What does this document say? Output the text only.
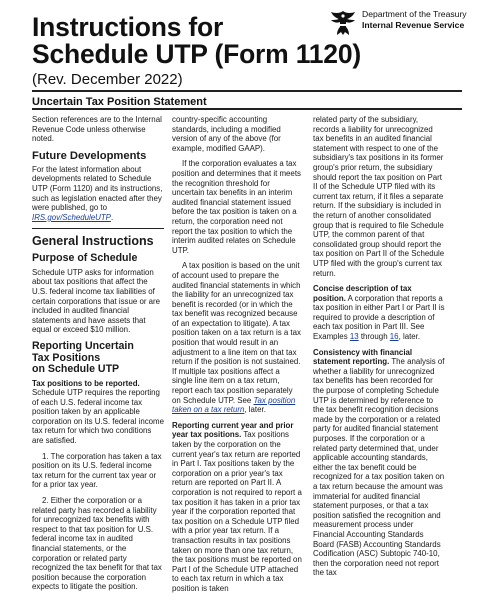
Department of the Treasury
Internal Revenue Service
Instructions for
Schedule UTP (Form 1120)
(Rev. December 2022)
Uncertain Tax Position Statement
Section references are to the Internal Revenue Code unless otherwise noted.
Future Developments
For the latest information about developments related to Schedule UTP (Form 1120) and its instructions, such as legislation enacted after they were published, go to IRS.gov/ScheduleUTP.
General Instructions
Purpose of Schedule
Schedule UTP asks for information about tax positions that affect the U.S. federal income tax liabilities of certain corporations that issue or are included in audited financial statements and have assets that equal or exceed $10 million.
Reporting Uncertain
Tax Positions
on Schedule UTP
Tax positions to be reported. Schedule UTP requires the reporting of each U.S. federal income tax position taken by an applicable corporation on its U.S. federal income tax return for which two conditions are satisfied.
1. The corporation has taken a tax position on its U.S. federal income tax return for the current tax year or for a prior tax year.
2. Either the corporation or a related party has recorded a liability for unrecognized tax benefits with respect to that tax position for U.S. federal income tax in audited financial statements, or the corporation or related party recognized the tax benefit for that tax position because the corporation expects to litigate the position.
country-specific accounting standards, including a modified version of any of the above (for example, modified GAAP).
If the corporation evaluates a tax position and determines that it meets the recognition threshold for uncertain tax benefits in an interim audited financial statement issued before the tax position is taken on a return, the corporation need not report the tax position to which the interim audited relates on Schedule UTP.
A tax position is based on the unit of account used to prepare the audited financial statements in which the liability for an unrecognized tax benefit is recorded (or in which the tax benefit was recognized because of an expectation to litigate). A tax position taken on a tax return is a tax position that would result in an adjustment to a line item on that tax return if the position is not sustained. If multiple tax positions affect a single line item on a tax return, report each tax position separately on Schedule UTP. See Tax position taken on a tax return, later.
Reporting current year and prior year tax positions. Tax positions taken by the corporation on the current year's tax return are reported in Part I. Tax positions taken by the corporation on a prior year's tax return are reported on Part II. A corporation is not required to report a tax position it has taken in a prior tax year if the corporation reported that tax position on a Schedule UTP filed with a prior year tax return. If a transaction results in tax positions taken on more than one tax return, the tax positions must be reported on Part I of the Schedule UTP attached to each tax return in which a tax position is taken
related party of the subsidiary, records a liability for unrecognized tax benefits in an audited financial statement with respect to one of the subsidiary's tax positions in its former group's prior return, the subsidiary should report the tax position on Part II of the Schedule UTP filed with its current tax return, if it files a separate return. If the subsidiary is included in the return of another consolidated group that is required to file Schedule UTP, the common parent of that consolidated group should report the tax position on Part II of the Schedule UTP filed with the group's current tax return.
Concise description of tax position. A corporation that reports a tax position in either Part I or Part II is required to provide a description of each tax position in Part III. See Examples 13 through 16, later.
Consistency with financial statement reporting. The analysis of whether a liability for unrecognized tax benefits has been recorded for the purpose of completing Schedule UTP is determined by reference to the tax benefit recognition decisions made by the corporation or a related party for audited financial statement purposes. If the corporation or a related party determined that, under applicable accounting standards, either the tax benefit could be recognized for a tax position taken on a tax return because the amount was immaterial for audited financial statement purposes, or that a tax position satisfied the recognition and measurement process under Financial Accounting Standards Board (FASB) Accounting Standards Codification (ASC) Subtopic 740-10, then the corporation need not report the tax
